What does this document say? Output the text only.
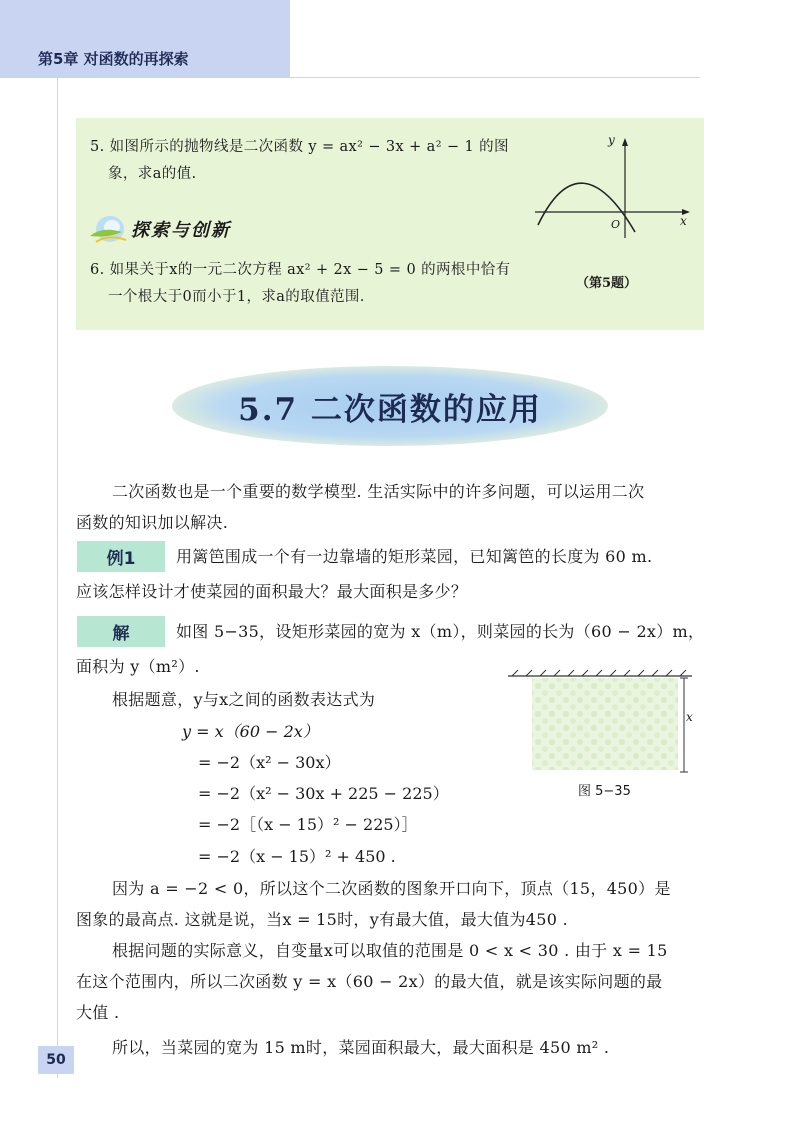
第5章 对函数的再探索
5. 如图所示的抛物线是二次函数 y = ax² − 3x + a² − 1 的图
象，求a的值.
探索与创新
6. 如果关于x的一元二次方程 ax² + 2x − 5 = 0 的两根中恰有
一个根大于0而小于1，求a的取值范围.
y
x
O
（第5题）
5.7 二次函数的应用
二次函数也是一个重要的数学模型. 生活实际中的许多问题，可以运用二次
函数的知识加以解决.
例1	用篱笆围成一个有一边靠墙的矩形菜园，已知篱笆的长度为 60 m.
应该怎样设计才使菜园的面积最大？最大面积是多少？
解	如图 5−35，设矩形菜园的宽为 x（m），则菜园的长为（60 − 2x）m，
面积为 y（m²）.
根据题意，y与x之间的函数表达式为
y = x（60 − 2x）
= −2（x² − 30x）
= −2（x² − 30x + 225 − 225）
= −2［（x − 15）² − 225）］
= −2（x − 15）² + 450 .
x
图 5−35
因为 a = −2 < 0，所以这个二次函数的图象开口向下，顶点（15，450）是
图象的最高点. 这就是说，当x = 15时，y有最大值，最大值为450 .
根据问题的实际意义，自变量x可以取值的范围是 0 < x < 30 . 由于 x = 15
在这个范围内，所以二次函数 y = x（60 − 2x）的最大值，就是该实际问题的最
大值 .
所以，当菜园的宽为 15 m时，菜园面积最大，最大面积是 450 m² .
50
